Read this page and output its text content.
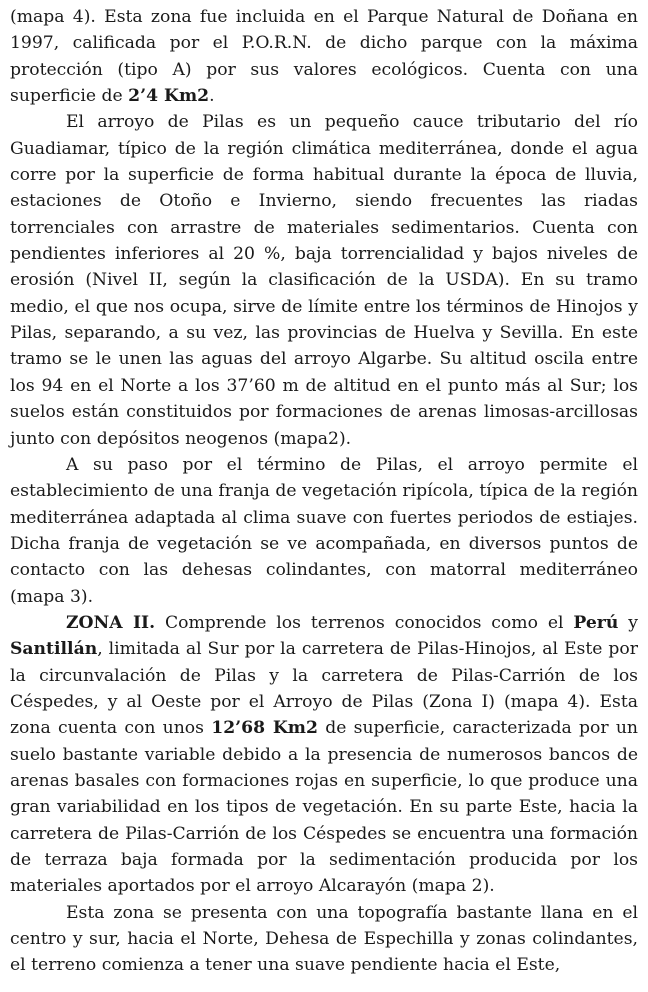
(mapa 4). Esta zona fue incluida en el Parque Natural de Doñana en 1997, calificada por el P.O.R.N. de dicho parque con la máxima protección (tipo A) por sus valores ecológicos. Cuenta con una superficie de 2’4 Km2.

El arroyo de Pilas es un pequeño cauce tributario del río Guadiamar, típico de la región climática mediterránea, donde el agua corre por la superficie de forma habitual durante la época de lluvia, estaciones de Otoño e Invierno, siendo frecuentes las riadas torrenciales con arrastre de materiales sedimentarios. Cuenta con pendientes inferiores al 20 %, baja torrencialidad y bajos niveles de erosión (Nivel II, según la clasificación de la USDA). En su tramo medio, el que nos ocupa, sirve de límite entre los términos de Hinojos y Pilas, separando, a su vez, las provincias de Huelva y Sevilla. En este tramo se le unen las aguas del arroyo Algarbe. Su altitud oscila entre los 94 en el Norte a los 37’60 m de altitud en el punto más al Sur; los suelos están constituidos por formaciones de arenas limosas-arcillosas junto con depósitos neogenos (mapa2).

A su paso por el término de Pilas, el arroyo permite el establecimiento de una franja de vegetación ripícola, típica de la región mediterránea adaptada al clima suave con fuertes periodos de estiajes. Dicha franja de vegetación se ve acompañada, en diversos puntos de contacto con las dehesas colindantes, con matorral mediterráneo (mapa 3).

ZONA II. Comprende los terrenos conocidos como el Perú y Santillán, limitada al Sur por la carretera de Pilas-Hinojos, al Este por la circunvalación de Pilas y la carretera de Pilas-Carrión de los Céspedes, y al Oeste por el Arroyo de Pilas (Zona I) (mapa 4). Esta zona cuenta con unos 12’68 Km2 de superficie, caracterizada por un suelo bastante variable debido a la presencia de numerosos bancos de arenas basales con formaciones rojas en superficie, lo que produce una gran variabilidad en los tipos de vegetación. En su parte Este, hacia la carretera de Pilas-Carrión de los Céspedes se encuentra una formación de terraza baja formada por la sedimentación producida por los materiales aportados por el arroyo Alcarayón (mapa 2).

Esta zona se presenta con una topografía bastante llana en el centro y sur, hacia el Norte, Dehesa de Espechilla y zonas colindantes, el terreno comienza a tener una suave pendiente hacia el Este,
